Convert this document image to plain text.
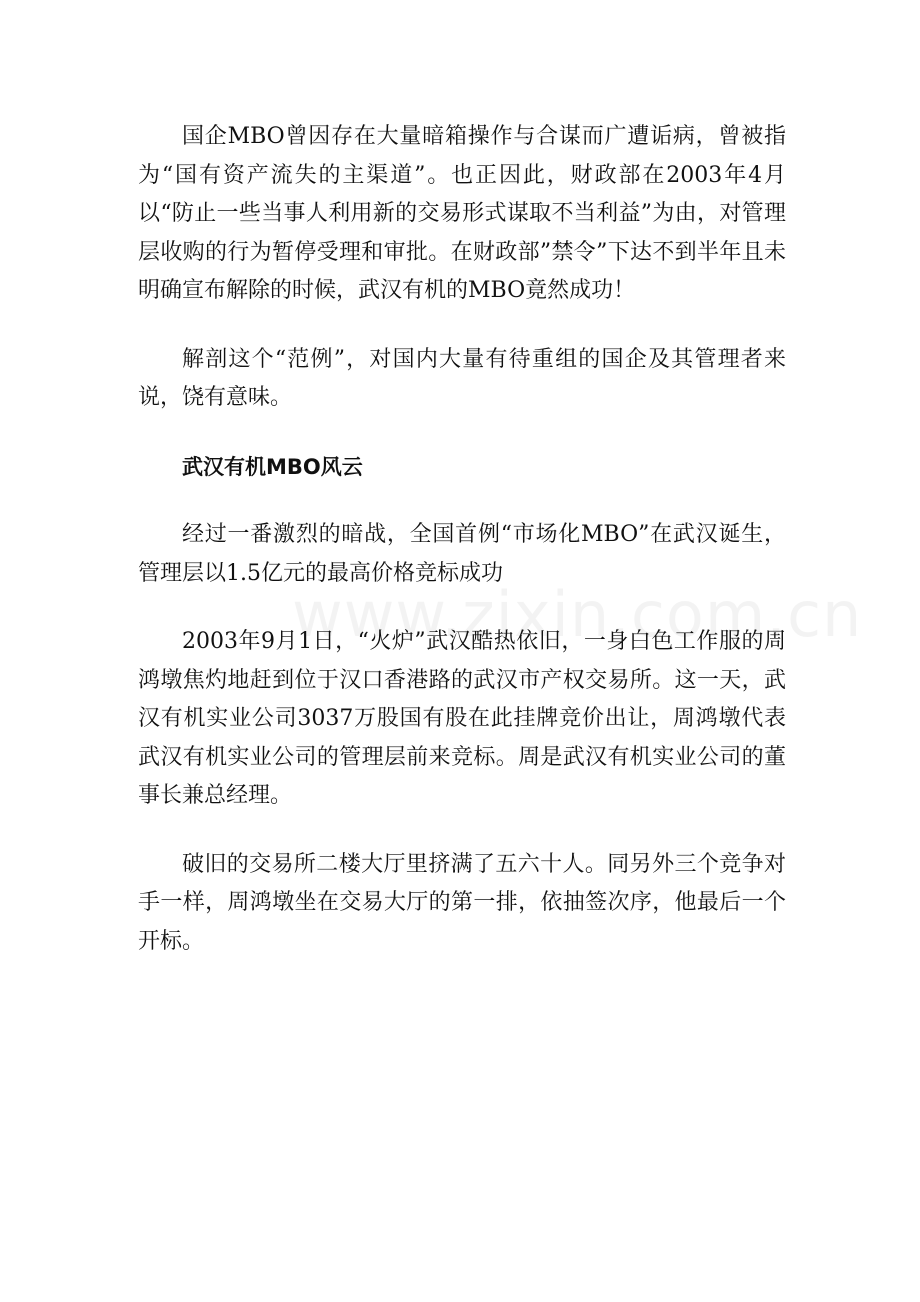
国企MBO曾因存在大量暗箱操作与合谋而广遭诟病，曾被指为“国有资产流失的主渠道”。也正因此，财政部在2003年4月以“防止一些当事人利用新的交易形式谋取不当利益”为由，对管理层收购的行为暂停受理和审批。在财政部”禁令”下达不到半年且未明确宣布解除的时候，武汉有机的MBO竟然成功！

解剖这个“范例”，对国内大量有待重组的国企及其管理者来说，饶有意味。

武汉有机MBO风云

经过一番激烈的暗战，全国首例“市场化MBO”在武汉诞生，管理层以1.5亿元的最高价格竞标成功

2003年9月1日，“火炉”武汉酷热依旧，一身白色工作服的周鸿墩焦灼地赶到位于汉口香港路的武汉市产权交易所。这一天，武汉有机实业公司3037万股国有股在此挂牌竞价出让，周鸿墩代表武汉有机实业公司的管理层前来竞标。周是武汉有机实业公司的董事长兼总经理。

破旧的交易所二楼大厅里挤满了五六十人。同另外三个竞争对手一样，周鸿墩坐在交易大厅的第一排，依抽签次序，他最后一个开标。
